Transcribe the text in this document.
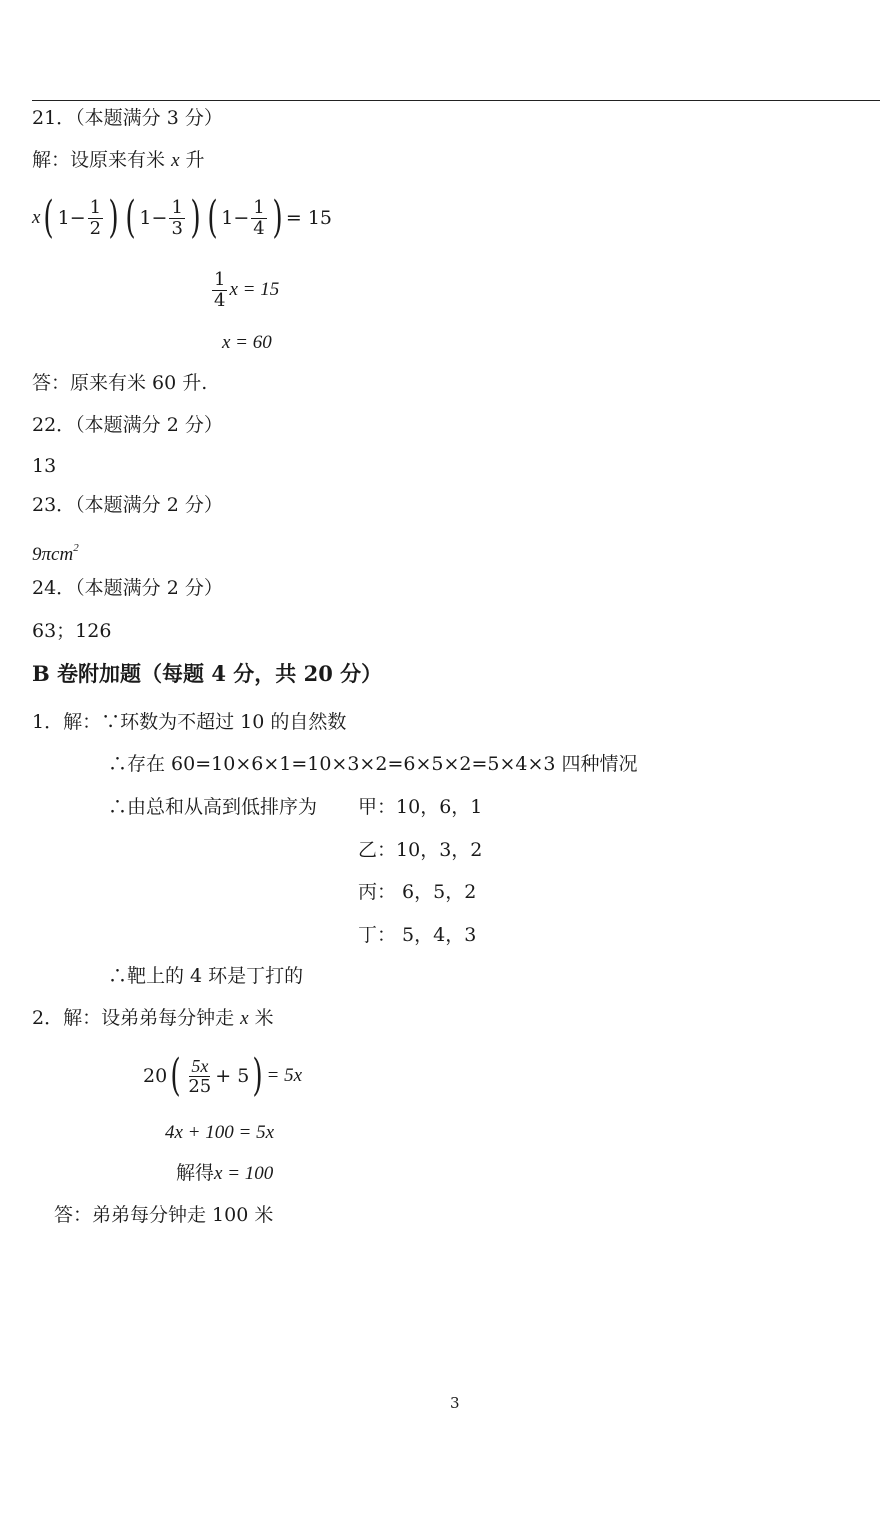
21．（本题满分 3 分）
解：设原来有米 x 升
x ( $1- \frac{1}{2}$ ) ( $1- \frac{1}{3}$ ) ( $1- \frac{1}{4}$ ) = 15
$\frac{1}{4}$ x = 15
x = 60
答：原来有米 60 升.
22．（本题满分 2 分）
13
23．（本题满分 2 分）
9πcm$^2$
24．（本题满分 2 分）
63；126
B 卷附加题（每题 4 分，共 20 分）
1．解：∵环数为不超过 10 的自然数
∴存在 60=10×6×1=10×3×2=6×5×2=5×4×3 四种情况
∴由总和从高到低排序为 甲：10，6，1
乙：10，3，2
丙： 6，5，2
丁： 5，4，3
∴靶上的 4 环是丁打的
2．解：设弟弟每分钟走 x 米
20 ( $\frac{5x}{25} + 5$ ) = 5x
4x + 100 = 5x
解得x = 100
答：弟弟每分钟走 100 米
3
